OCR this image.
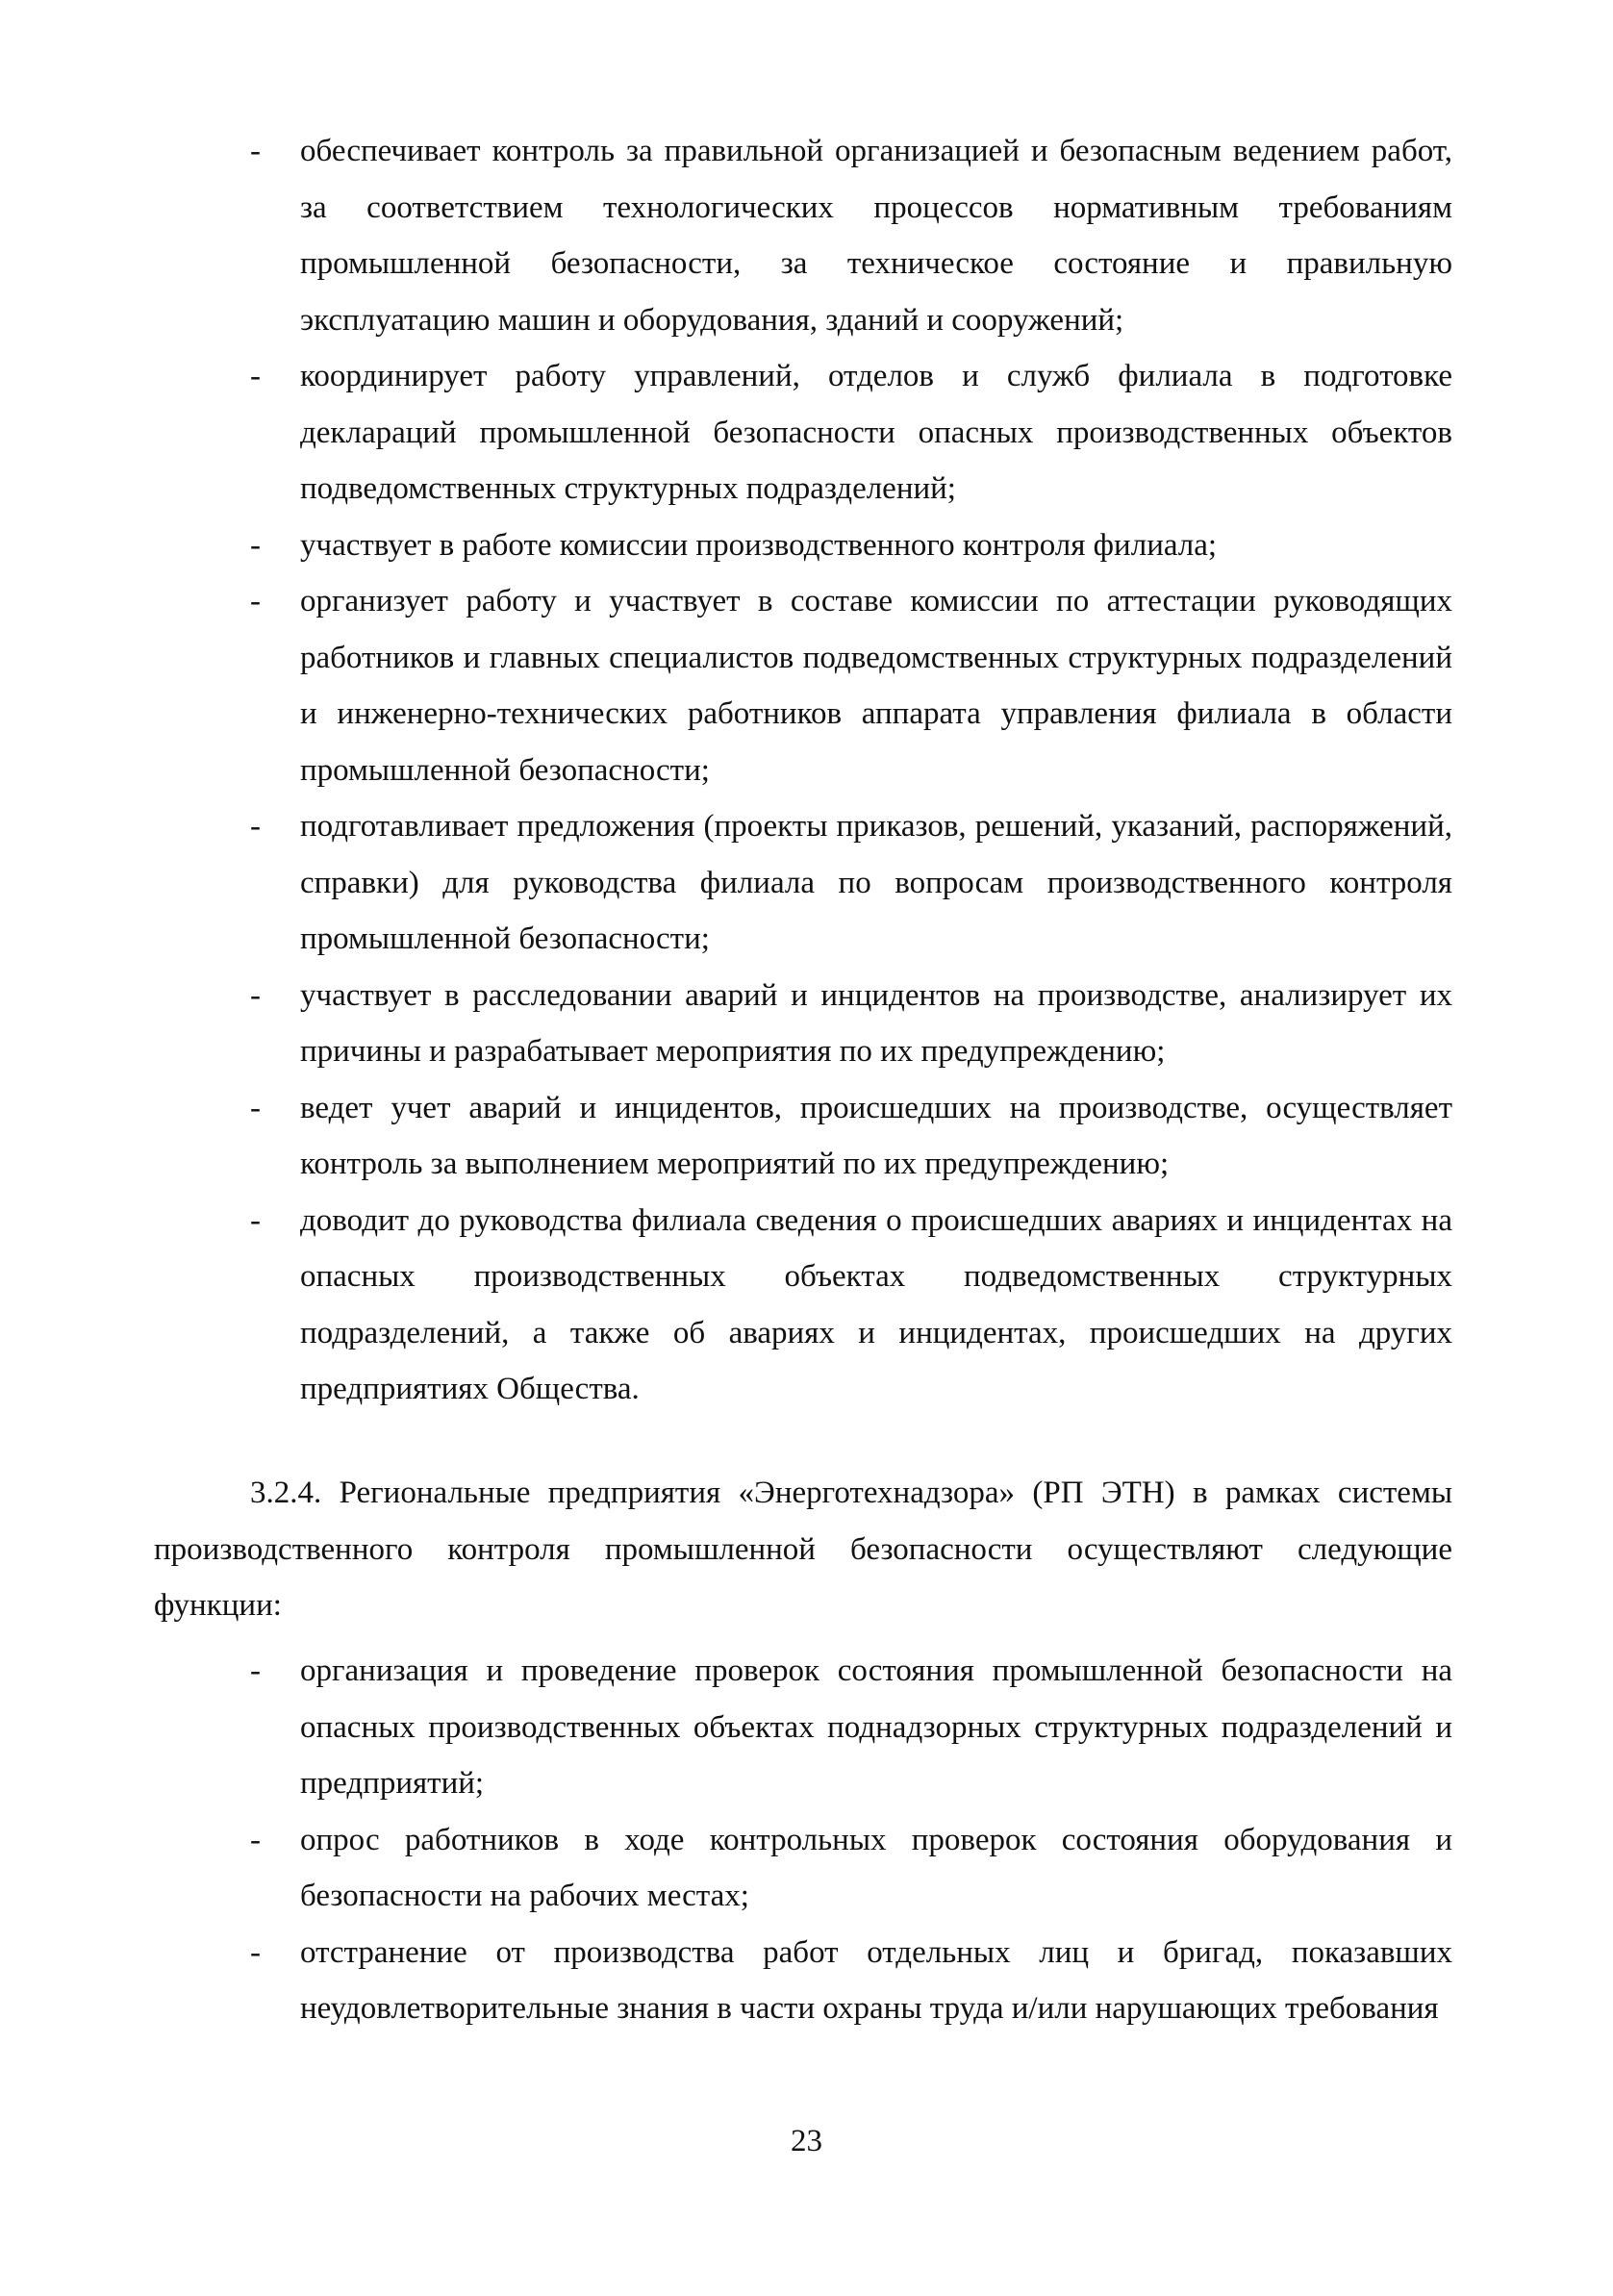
- обеспечивает контроль за правильной организацией и безопасным ведением работ, за соответствием технологических процессов нормативным требованиям промышленной безопасности, за техническое состояние и правильную эксплуатацию машин и оборудования, зданий и сооружений;
- координирует работу управлений, отделов и служб филиала в подготовке деклараций промышленной безопасности опасных производственных объектов подведомственных структурных подразделений;
- участвует в работе комиссии производственного контроля филиала;
- организует работу и участвует в составе комиссии по аттестации руководящих работников и главных специалистов подведомственных структурных подразделений и инженерно-технических работников аппарата управления филиала в области промышленной безопасности;
- подготавливает предложения (проекты приказов, решений, указаний, распоряжений, справки) для руководства филиала по вопросам производственного контроля промышленной безопасности;
- участвует в расследовании аварий и инцидентов на производстве, анализирует их причины и разрабатывает мероприятия по их предупреждению;
- ведет учет аварий и инцидентов, происшедших на производстве, осуществляет контроль за выполнением мероприятий по их предупреждению;
- доводит до руководства филиала сведения о происшедших авариях и инцидентах на опасных производственных объектах подведомственных структурных подразделений, а также об авариях и инцидентах, происшедших на других предприятиях Общества.

3.2.4. Региональные предприятия «Энерготехнадзора» (РП ЭТН) в рамках системы производственного контроля промышленной безопасности осуществляют следующие функции:

- организация и проведение проверок состояния промышленной безопасности на опасных производственных объектах поднадзорных структурных подразделений и предприятий;
- опрос работников в ходе контрольных проверок состояния оборудования и безопасности на рабочих местах;
- отстранение от производства работ отдельных лиц и бригад, показавших неудовлетворительные знания в части охраны труда и/или нарушающих требования
23
